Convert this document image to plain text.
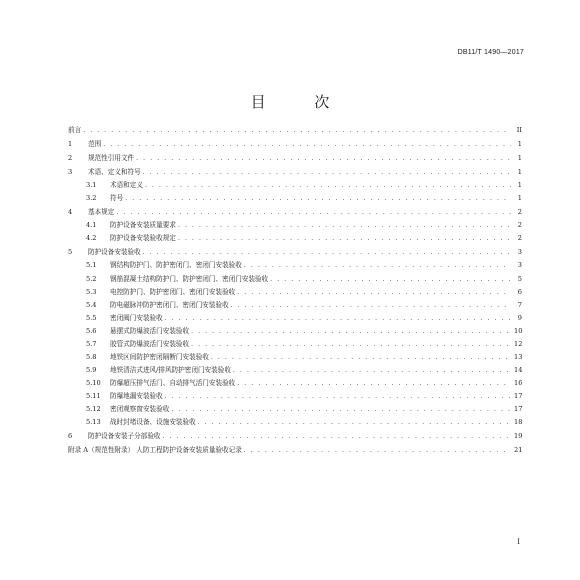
DB11/T 1490—2017
目 次
前言 . . .	II
1	范围 . . .	1
2	规范性引用文件 . . .	1
3	术语、定义和符号 . . .	1
3.1	术语和定义 . . .	1
3.2	符号 . . .	1
4	基本规定 . . .	2
4.1	防护设备安装质量要求 . . .	2
4.2	防护设备安装验收规定 . . .	2
5	防护设备安装验收 . . .	3
5.1	钢结构防护门、防护密闭门、密闭门安装验收 . . .	3
5.2	钢筋混凝土结构防护门、防护密闭门、密闭门安装验收 . . .	5
5.3	电控防护门、防护密闭门、密闭门安装验收 . . .	6
5.4	防电磁脉冲防护密闭门、密闭门安装验收 . . .	7
5.5	密闭阀门安装验收 . . .	9
5.6	悬摆式防爆波活门安装验收 . . .	10
5.7	胶管式防爆波活门安装验收 . . .	12
5.8	地铁区间防护密闭隔断门安装验收 . . .	13
5.9	地铁清洁式进风/排风防护密闭门安装验收 . . .	14
5.10	防爆超压排气活门、自动排气活门安装验收 . . .	16
5.11	防爆地漏安装验收 . . .	17
5.12	密闭观察窗安装验收 . . .	17
5.13	战时封堵设备、设施安装验收 . . .	18
6	防护设备安装子分部验收 . . .	19
附录 A（规范性附录） 人防工程防护设备安装质量验收记录 . . .	21
I
